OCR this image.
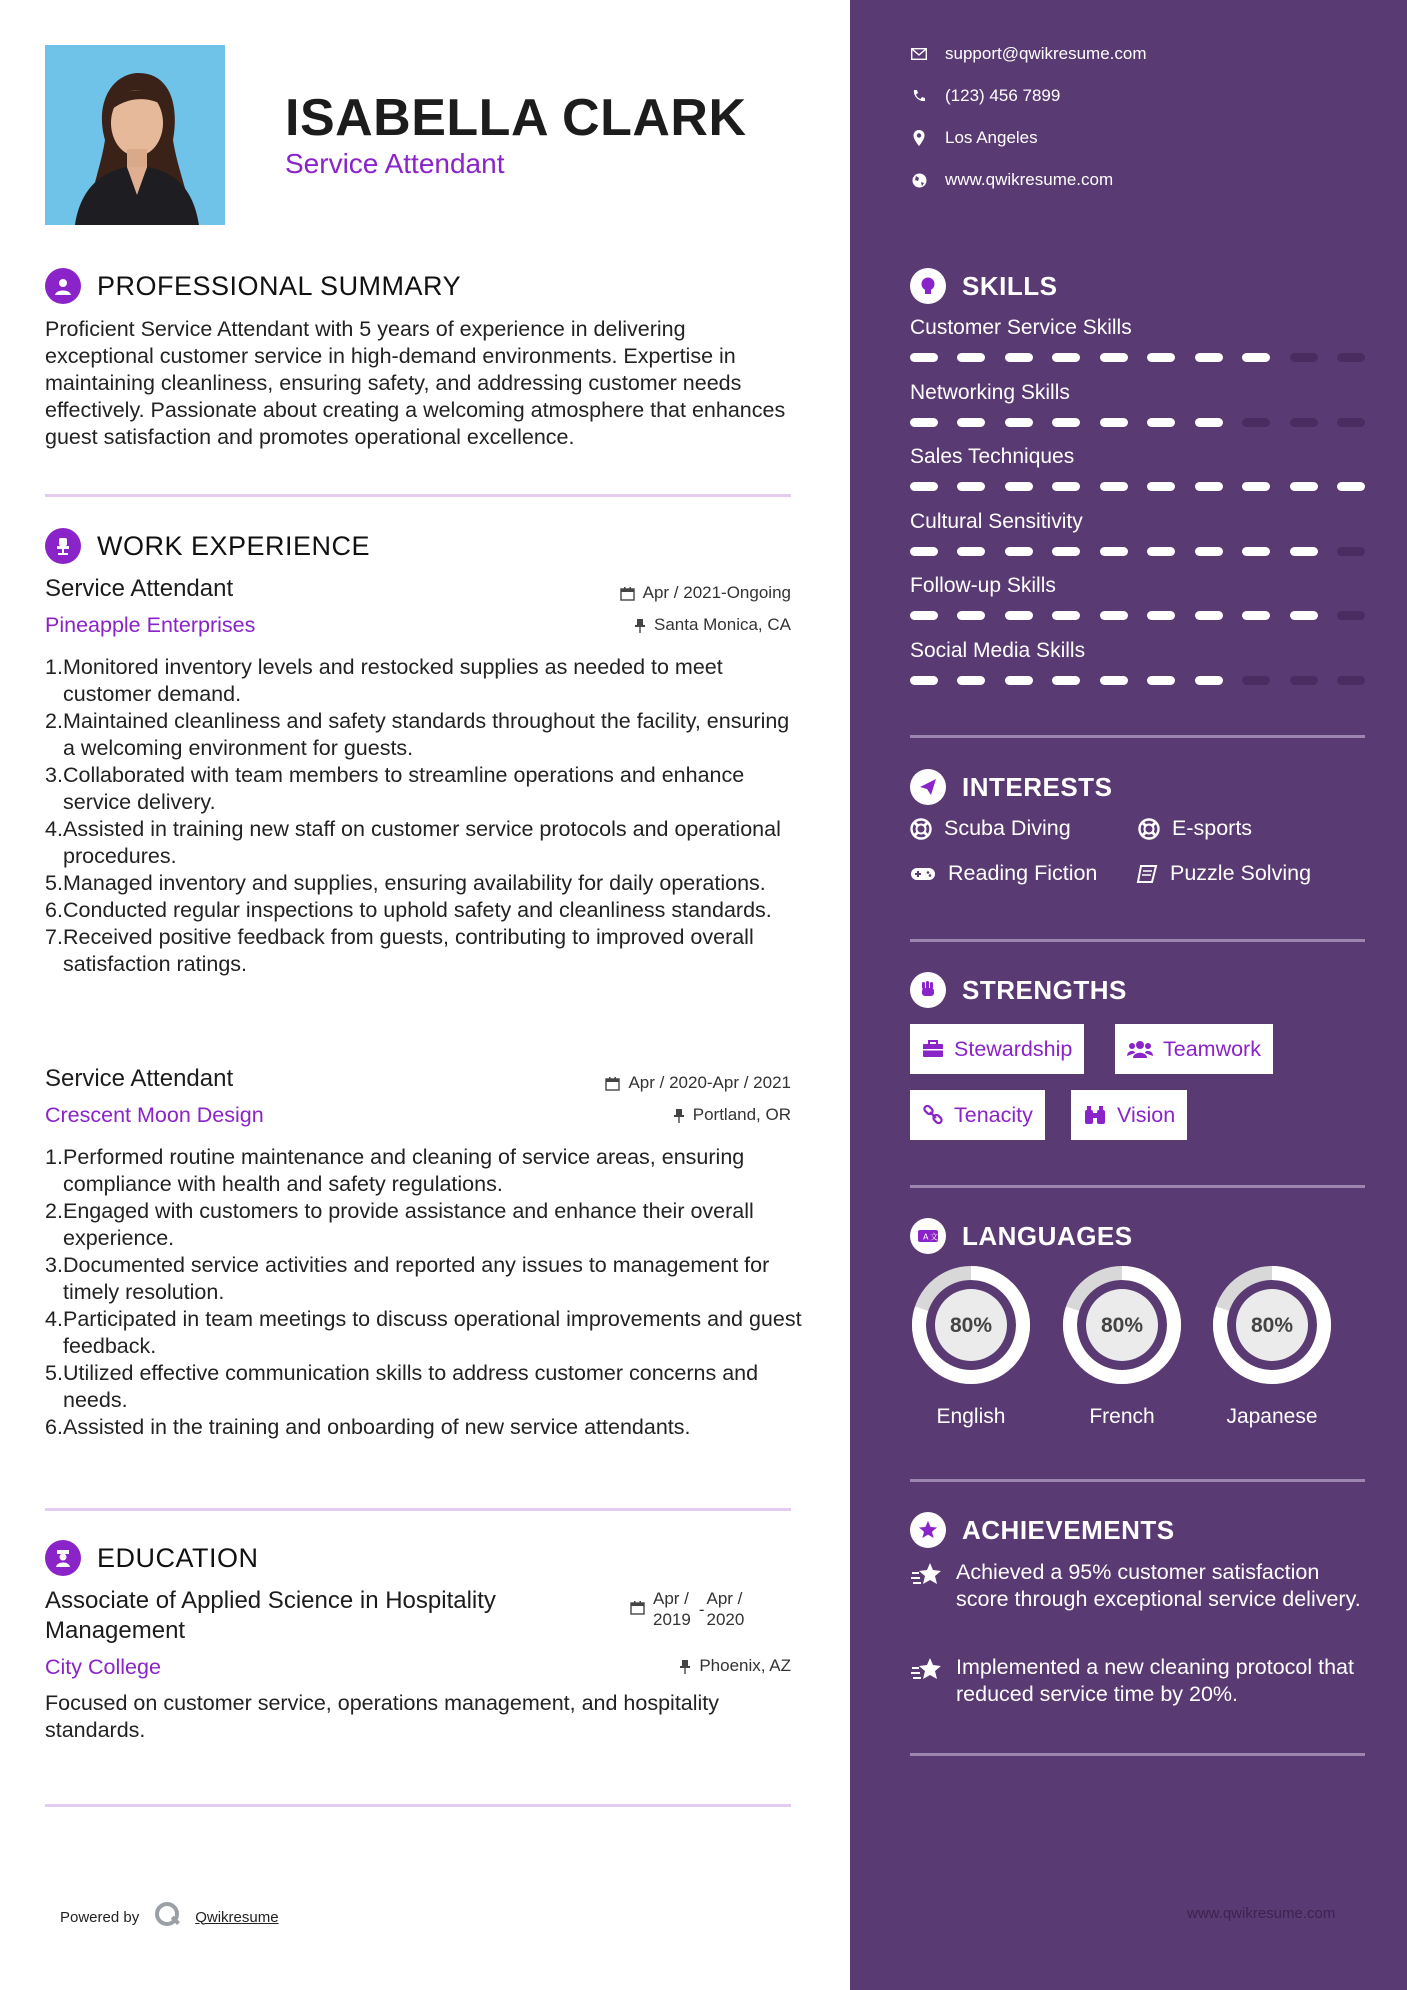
ISABELLA CLARK
Service Attendant
PROFESSIONAL SUMMARY
Proficient Service Attendant with 5 years of experience in delivering exceptional customer service in high-demand environments. Expertise in maintaining cleanliness, ensuring safety, and addressing customer needs effectively. Passionate about creating a welcoming atmosphere that enhances guest satisfaction and promotes operational excellence.
WORK EXPERIENCE
Service Attendant	Apr / 2021-Ongoing
Pineapple Enterprises	Santa Monica, CA
1.Monitored inventory levels and restocked supplies as needed to meet customer demand.
2.Maintained cleanliness and safety standards throughout the facility, ensuring a welcoming environment for guests.
3.Collaborated with team members to streamline operations and enhance service delivery.
4.Assisted in training new staff on customer service protocols and operational procedures.
5.Managed inventory and supplies, ensuring availability for daily operations.
6.Conducted regular inspections to uphold safety and cleanliness standards.
7.Received positive feedback from guests, contributing to improved overall satisfaction ratings.
Service Attendant	Apr / 2020-Apr / 2021
Crescent Moon Design	Portland, OR
1.Performed routine maintenance and cleaning of service areas, ensuring compliance with health and safety regulations.
2.Engaged with customers to provide assistance and enhance their overall experience.
3.Documented service activities and reported any issues to management for timely resolution.
4.Participated in team meetings to discuss operational improvements and guest feedback.
5.Utilized effective communication skills to address customer concerns and needs.
6.Assisted in the training and onboarding of new service attendants.
EDUCATION
Associate of Applied Science in Hospitality Management
Apr /
2019
-
Apr /
2020
City College	Phoenix, AZ
Focused on customer service, operations management, and hospitality standards.
Powered by	Qwikresume
support@qwikresume.com
(123) 456 7899
Los Angeles
www.qwikresume.com
SKILLS
Customer Service Skills
Networking Skills
Sales Techniques
Cultural Sensitivity
Follow-up Skills
Social Media Skills
INTERESTS
Scuba Diving	E-sports
Reading Fiction	Puzzle Solving
STRENGTHS
Stewardship	Teamwork
Tenacity	Vision
A 文 LANGUAGES
80%
English
80%
French
80%
Japanese
ACHIEVEMENTS
Achieved a 95% customer satisfaction score through exceptional service delivery.
Implemented a new cleaning protocol that reduced service time by 20%.
www.qwikresume.com
